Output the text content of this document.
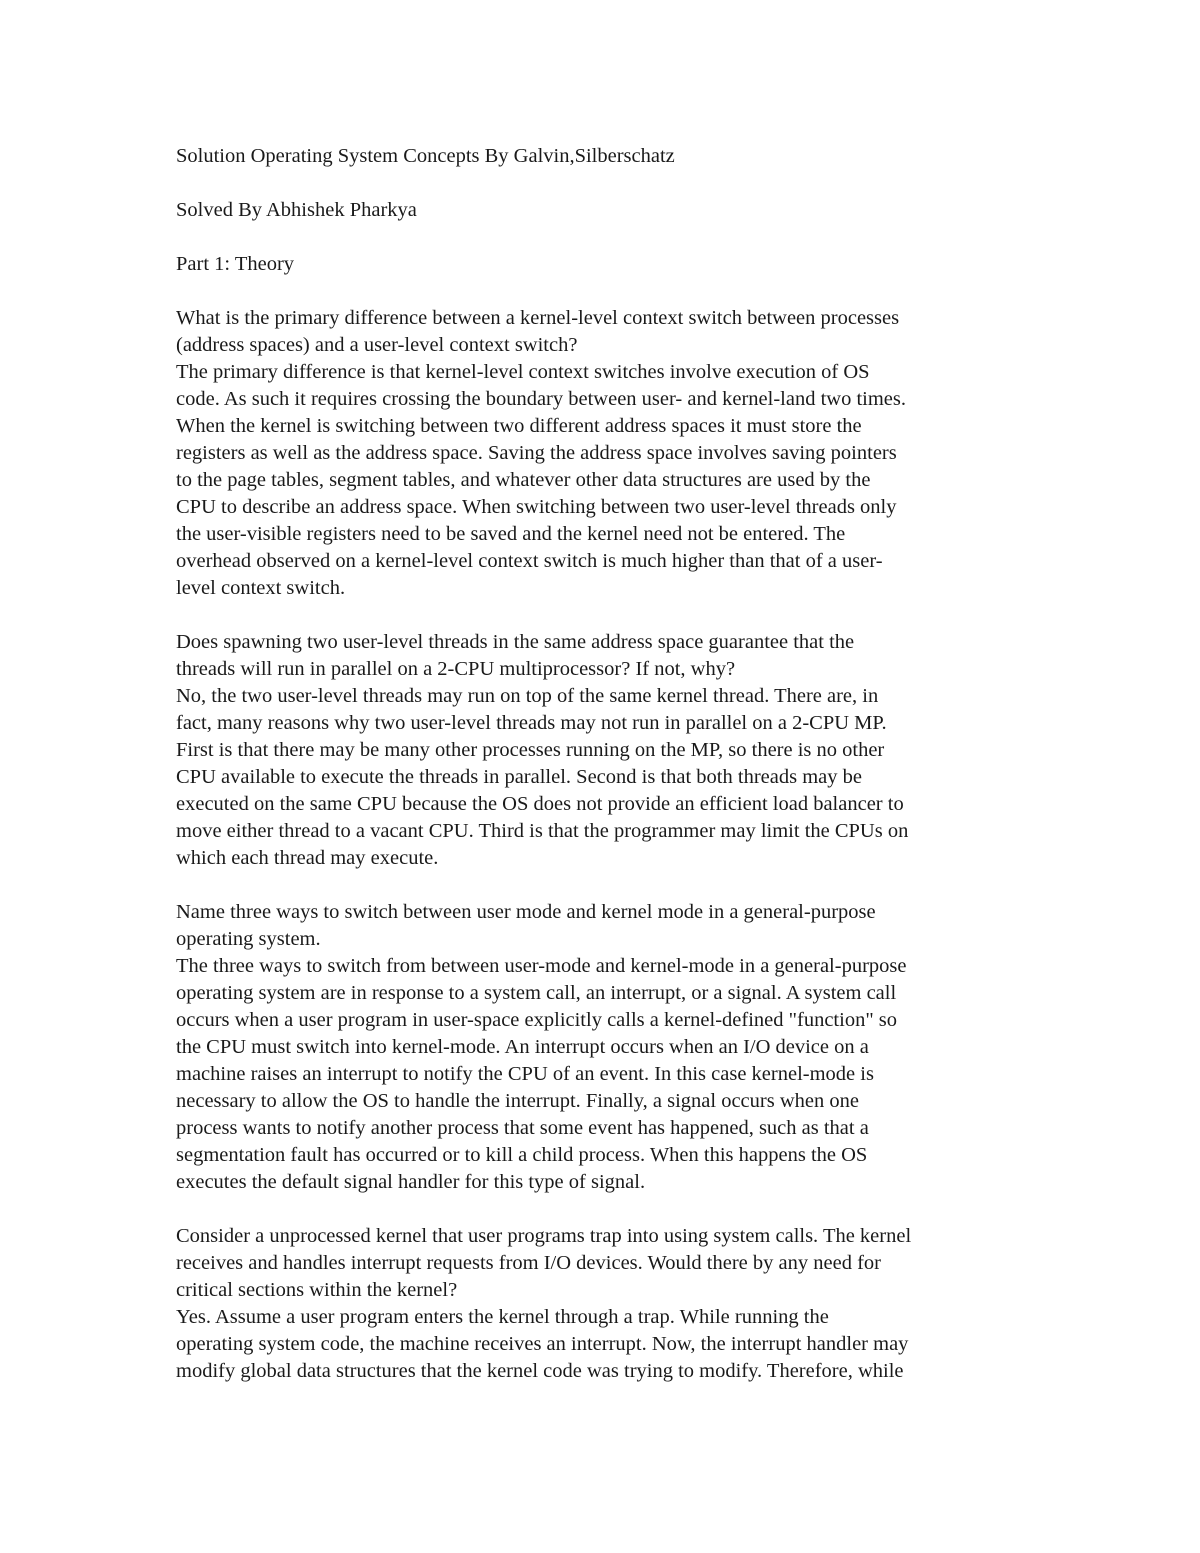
Solution Operating System Concepts By Galvin,Silberschatz
Solved By Abhishek Pharkya
Part 1: Theory
What is the primary difference between a kernel-level context switch between processes
(address spaces) and a user-level context switch?
The primary difference is that kernel-level context switches involve execution of OS
code. As such it requires crossing the boundary between user- and kernel-land two times.
When the kernel is switching between two different address spaces it must store the
registers as well as the address space. Saving the address space involves saving pointers
to the page tables, segment tables, and whatever other data structures are used by the
CPU to describe an address space. When switching between two user-level threads only
the user-visible registers need to be saved and the kernel need not be entered. The
overhead observed on a kernel-level context switch is much higher than that of a user-
level context switch.
Does spawning two user-level threads in the same address space guarantee that the
threads will run in parallel on a 2-CPU multiprocessor? If not, why?
No, the two user-level threads may run on top of the same kernel thread. There are, in
fact, many reasons why two user-level threads may not run in parallel on a 2-CPU MP.
First is that there may be many other processes running on the MP, so there is no other
CPU available to execute the threads in parallel. Second is that both threads may be
executed on the same CPU because the OS does not provide an efficient load balancer to
move either thread to a vacant CPU. Third is that the programmer may limit the CPUs on
which each thread may execute.
Name three ways to switch between user mode and kernel mode in a general-purpose
operating system.
The three ways to switch from between user-mode and kernel-mode in a general-purpose
operating system are in response to a system call, an interrupt, or a signal. A system call
occurs when a user program in user-space explicitly calls a kernel-defined "function" so
the CPU must switch into kernel-mode. An interrupt occurs when an I/O device on a
machine raises an interrupt to notify the CPU of an event. In this case kernel-mode is
necessary to allow the OS to handle the interrupt. Finally, a signal occurs when one
process wants to notify another process that some event has happened, such as that a
segmentation fault has occurred or to kill a child process. When this happens the OS
executes the default signal handler for this type of signal.
Consider a unprocessed kernel that user programs trap into using system calls. The kernel
receives and handles interrupt requests from I/O devices. Would there by any need for
critical sections within the kernel?
Yes. Assume a user program enters the kernel through a trap. While running the
operating system code, the machine receives an interrupt. Now, the interrupt handler may
modify global data structures that the kernel code was trying to modify. Therefore, while
